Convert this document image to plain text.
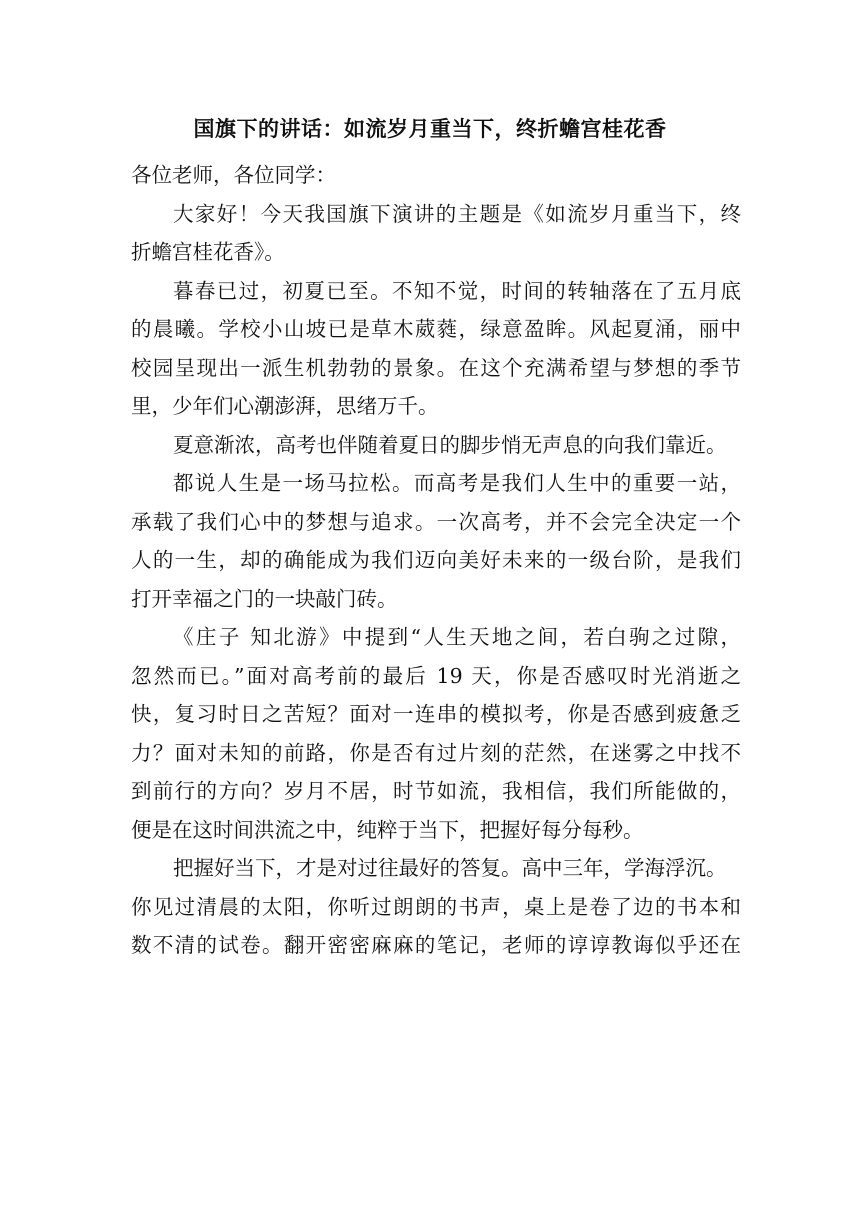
国旗下的讲话：如流岁月重当下，终折蟾宫桂花香

各位老师，各位同学：

大家好！今天我国旗下演讲的主题是《如流岁月重当下，终

折蟾宫桂花香》。

暮春已过，初夏已至。不知不觉，时间的转轴落在了五月底

的晨曦。学校小山坡已是草木葳蕤，绿意盈眸。风起夏涌，丽中

校园呈现出一派生机勃勃的景象。在这个充满希望与梦想的季节

里，少年们心潮澎湃，思绪万千。

夏意渐浓，高考也伴随着夏日的脚步悄无声息的向我们靠近。

都说人生是一场马拉松。而高考是我们人生中的重要一站，

承载了我们心中的梦想与追求。一次高考，并不会完全决定一个

人的一生，却的确能成为我们迈向美好未来的一级台阶，是我们

打开幸福之门的一块敲门砖。

《庄子 知北游》中提到“人生天地之间，若白驹之过隙，

忽然而已。”面对高考前的最后 19 天，你是否感叹时光消逝之

快，复习时日之苦短？面对一连串的模拟考，你是否感到疲惫乏

力？面对未知的前路，你是否有过片刻的茫然，在迷雾之中找不

到前行的方向？岁月不居，时节如流，我相信，我们所能做的，

便是在这时间洪流之中，纯粹于当下，把握好每分每秒。

把握好当下，才是对过往最好的答复。高中三年，学海浮沉。

你见过清晨的太阳，你听过朗朗的书声，桌上是卷了边的书本和

数不清的试卷。翻开密密麻麻的笔记，老师的谆谆教诲似乎还在
